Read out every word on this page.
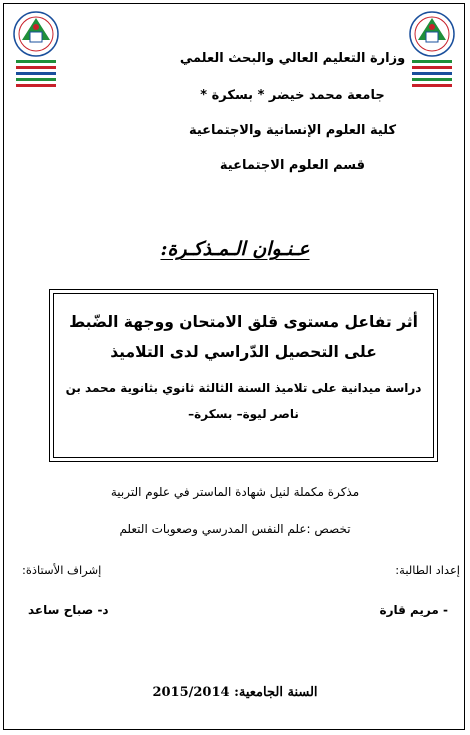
وزارة التعليم العالي والبحث العلمي
جامعة محمد خيضر * بسكرة *
كلية العلوم الإنسانية والاجتماعية
قسم العلوم الاجتماعية
عـنـوان الـمـذكـرة:
أثر تفاعل مستوى قلق الامتحان ووجهة الضّبط على التحصيل الدّراسي لدى التلاميذ
دراسة ميدانية على تلاميذ السنة الثالثة ثانوي بثانوية محمد بن ناصر ليوة– بسكرة–
مذكرة مكملة لنيل شهادة الماستر في علوم التربية
تخصص :علم النفس المدرسي وصعوبات التعلم
إعداد الطالبة:
إشراف الأستاذة:
- مريم قارة
د- صباح ساعد
السنة الجامعية: 2015/2014
